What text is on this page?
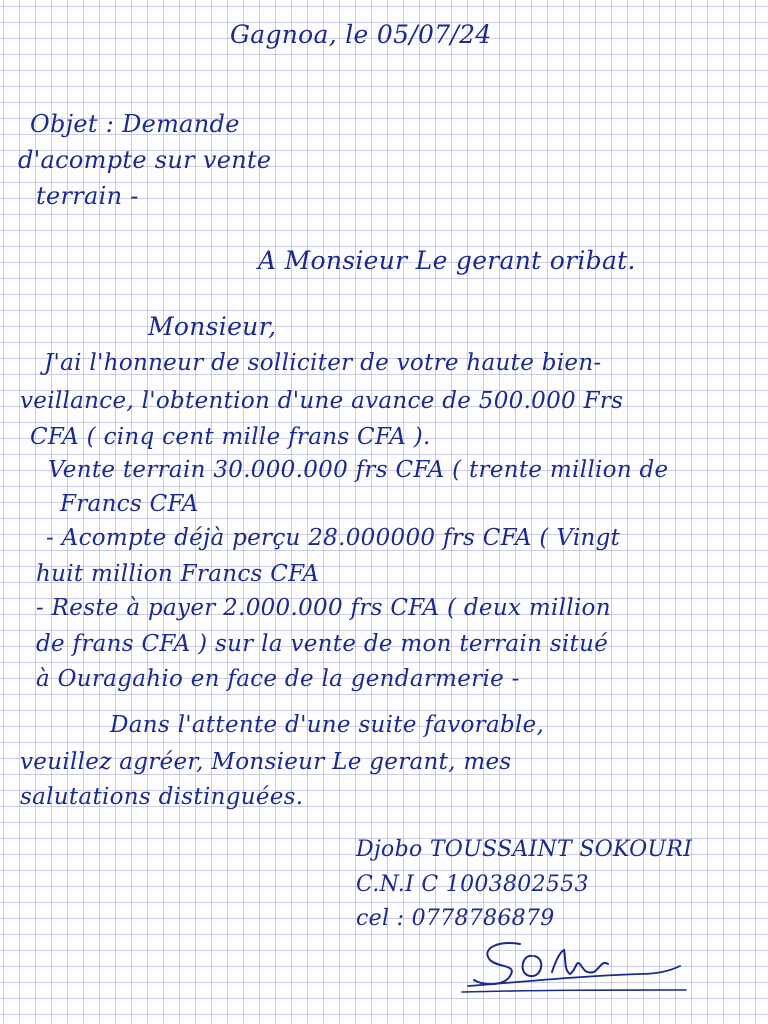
Gagnoa, le 05/07/24
Objet : Demande
d'acompte sur vente
terrain -
A Monsieur Le gerant oribat.
Monsieur,
J'ai l'honneur de solliciter de votre haute bien-
veillance, l'obtention d'une avance de 500.000 Frs
CFA ( cinq cent mille frans CFA ).
Vente terrain 30.000.000 frs CFA ( trente million de
Francs CFA
- Acompte déjà perçu 28.000000 frs CFA ( Vingt
huit million Francs CFA
- Reste à payer 2.000.000 frs CFA ( deux million
de frans CFA ) sur la vente de mon terrain situé
à Ouragahio en face de la gendarmerie -
Dans l'attente d'une suite favorable,
veuillez agréer, Monsieur Le gerant, mes
salutations distinguées.
Djobo TOUSSAINT SOKOURI
C.N.I C 1003802553
cel : 0778786879
